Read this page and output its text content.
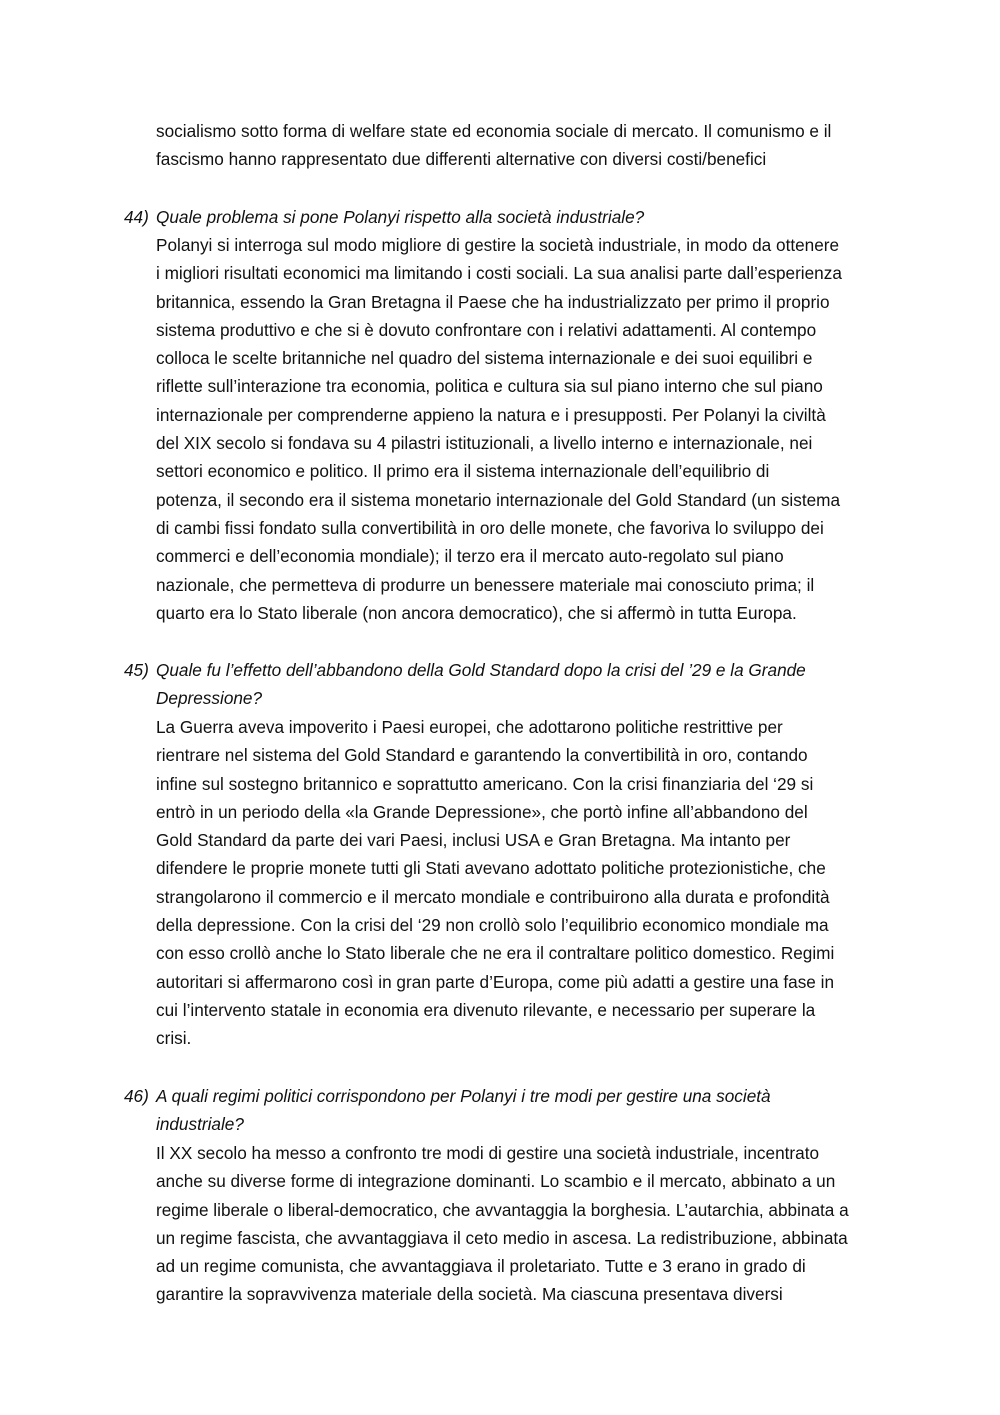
socialismo sotto forma di welfare state ed economia sociale di mercato. Il comunismo e il

fascismo hanno rappresentato due differenti alternative con diversi costi/benefici

44) Quale problema si pone Polanyi rispetto alla società industriale?

Polanyi si interroga sul modo migliore di gestire la società industriale, in modo da ottenere

i migliori risultati economici ma limitando i costi sociali. La sua analisi parte dall’esperienza

britannica, essendo la Gran Bretagna il Paese che ha industrializzato per primo il proprio

sistema produttivo e che si è dovuto confrontare con i relativi adattamenti. Al contempo

colloca le scelte britanniche nel quadro del sistema internazionale e dei suoi equilibri e

riflette sull’interazione tra economia, politica e cultura sia sul piano interno che sul piano

internazionale per comprenderne appieno la natura e i presupposti. Per Polanyi la civiltà

del XIX secolo si fondava su 4 pilastri istituzionali, a livello interno e internazionale, nei

settori economico e politico. Il primo era il sistema internazionale dell’equilibrio di

potenza, il secondo era il sistema monetario internazionale del Gold Standard (un sistema

di cambi fissi fondato sulla convertibilità in oro delle monete, che favoriva lo sviluppo dei

commerci e dell’economia mondiale); il terzo era il mercato auto-regolato sul piano

nazionale, che permetteva di produrre un benessere materiale mai conosciuto prima; il

quarto era lo Stato liberale (non ancora democratico), che si affermò in tutta Europa.

45) Quale fu l’effetto dell’abbandono della Gold Standard dopo la crisi del ’29 e la Grande

Depressione?

La Guerra aveva impoverito i Paesi europei, che adottarono politiche restrittive per

rientrare nel sistema del Gold Standard e garantendo la convertibilità in oro, contando

infine sul sostegno britannico e soprattutto americano. Con la crisi finanziaria del ‘29 si

entrò in un periodo della «la Grande Depressione», che portò infine all’abbandono del

Gold Standard da parte dei vari Paesi, inclusi USA e Gran Bretagna. Ma intanto per

difendere le proprie monete tutti gli Stati avevano adottato politiche protezionistiche, che

strangolarono il commercio e il mercato mondiale e contribuirono alla durata e profondità

della depressione. Con la crisi del ‘29 non crollò solo l’equilibrio economico mondiale ma

con esso crollò anche lo Stato liberale che ne era il contraltare politico domestico. Regimi

autoritari si affermarono così in gran parte d’Europa, come più adatti a gestire una fase in

cui l’intervento statale in economia era divenuto rilevante, e necessario per superare la

crisi.

46) A quali regimi politici corrispondono per Polanyi i tre modi per gestire una società

industriale?

Il XX secolo ha messo a confronto tre modi di gestire una società industriale, incentrato

anche su diverse forme di integrazione dominanti. Lo scambio e il mercato, abbinato a un

regime liberale o liberal-democratico, che avvantaggia la borghesia. L’autarchia, abbinata a

un regime fascista, che avvantaggiava il ceto medio in ascesa. La redistribuzione, abbinata

ad un regime comunista, che avvantaggiava il proletariato. Tutte e 3 erano in grado di

garantire la sopravvivenza materiale della società. Ma ciascuna presentava diversi
